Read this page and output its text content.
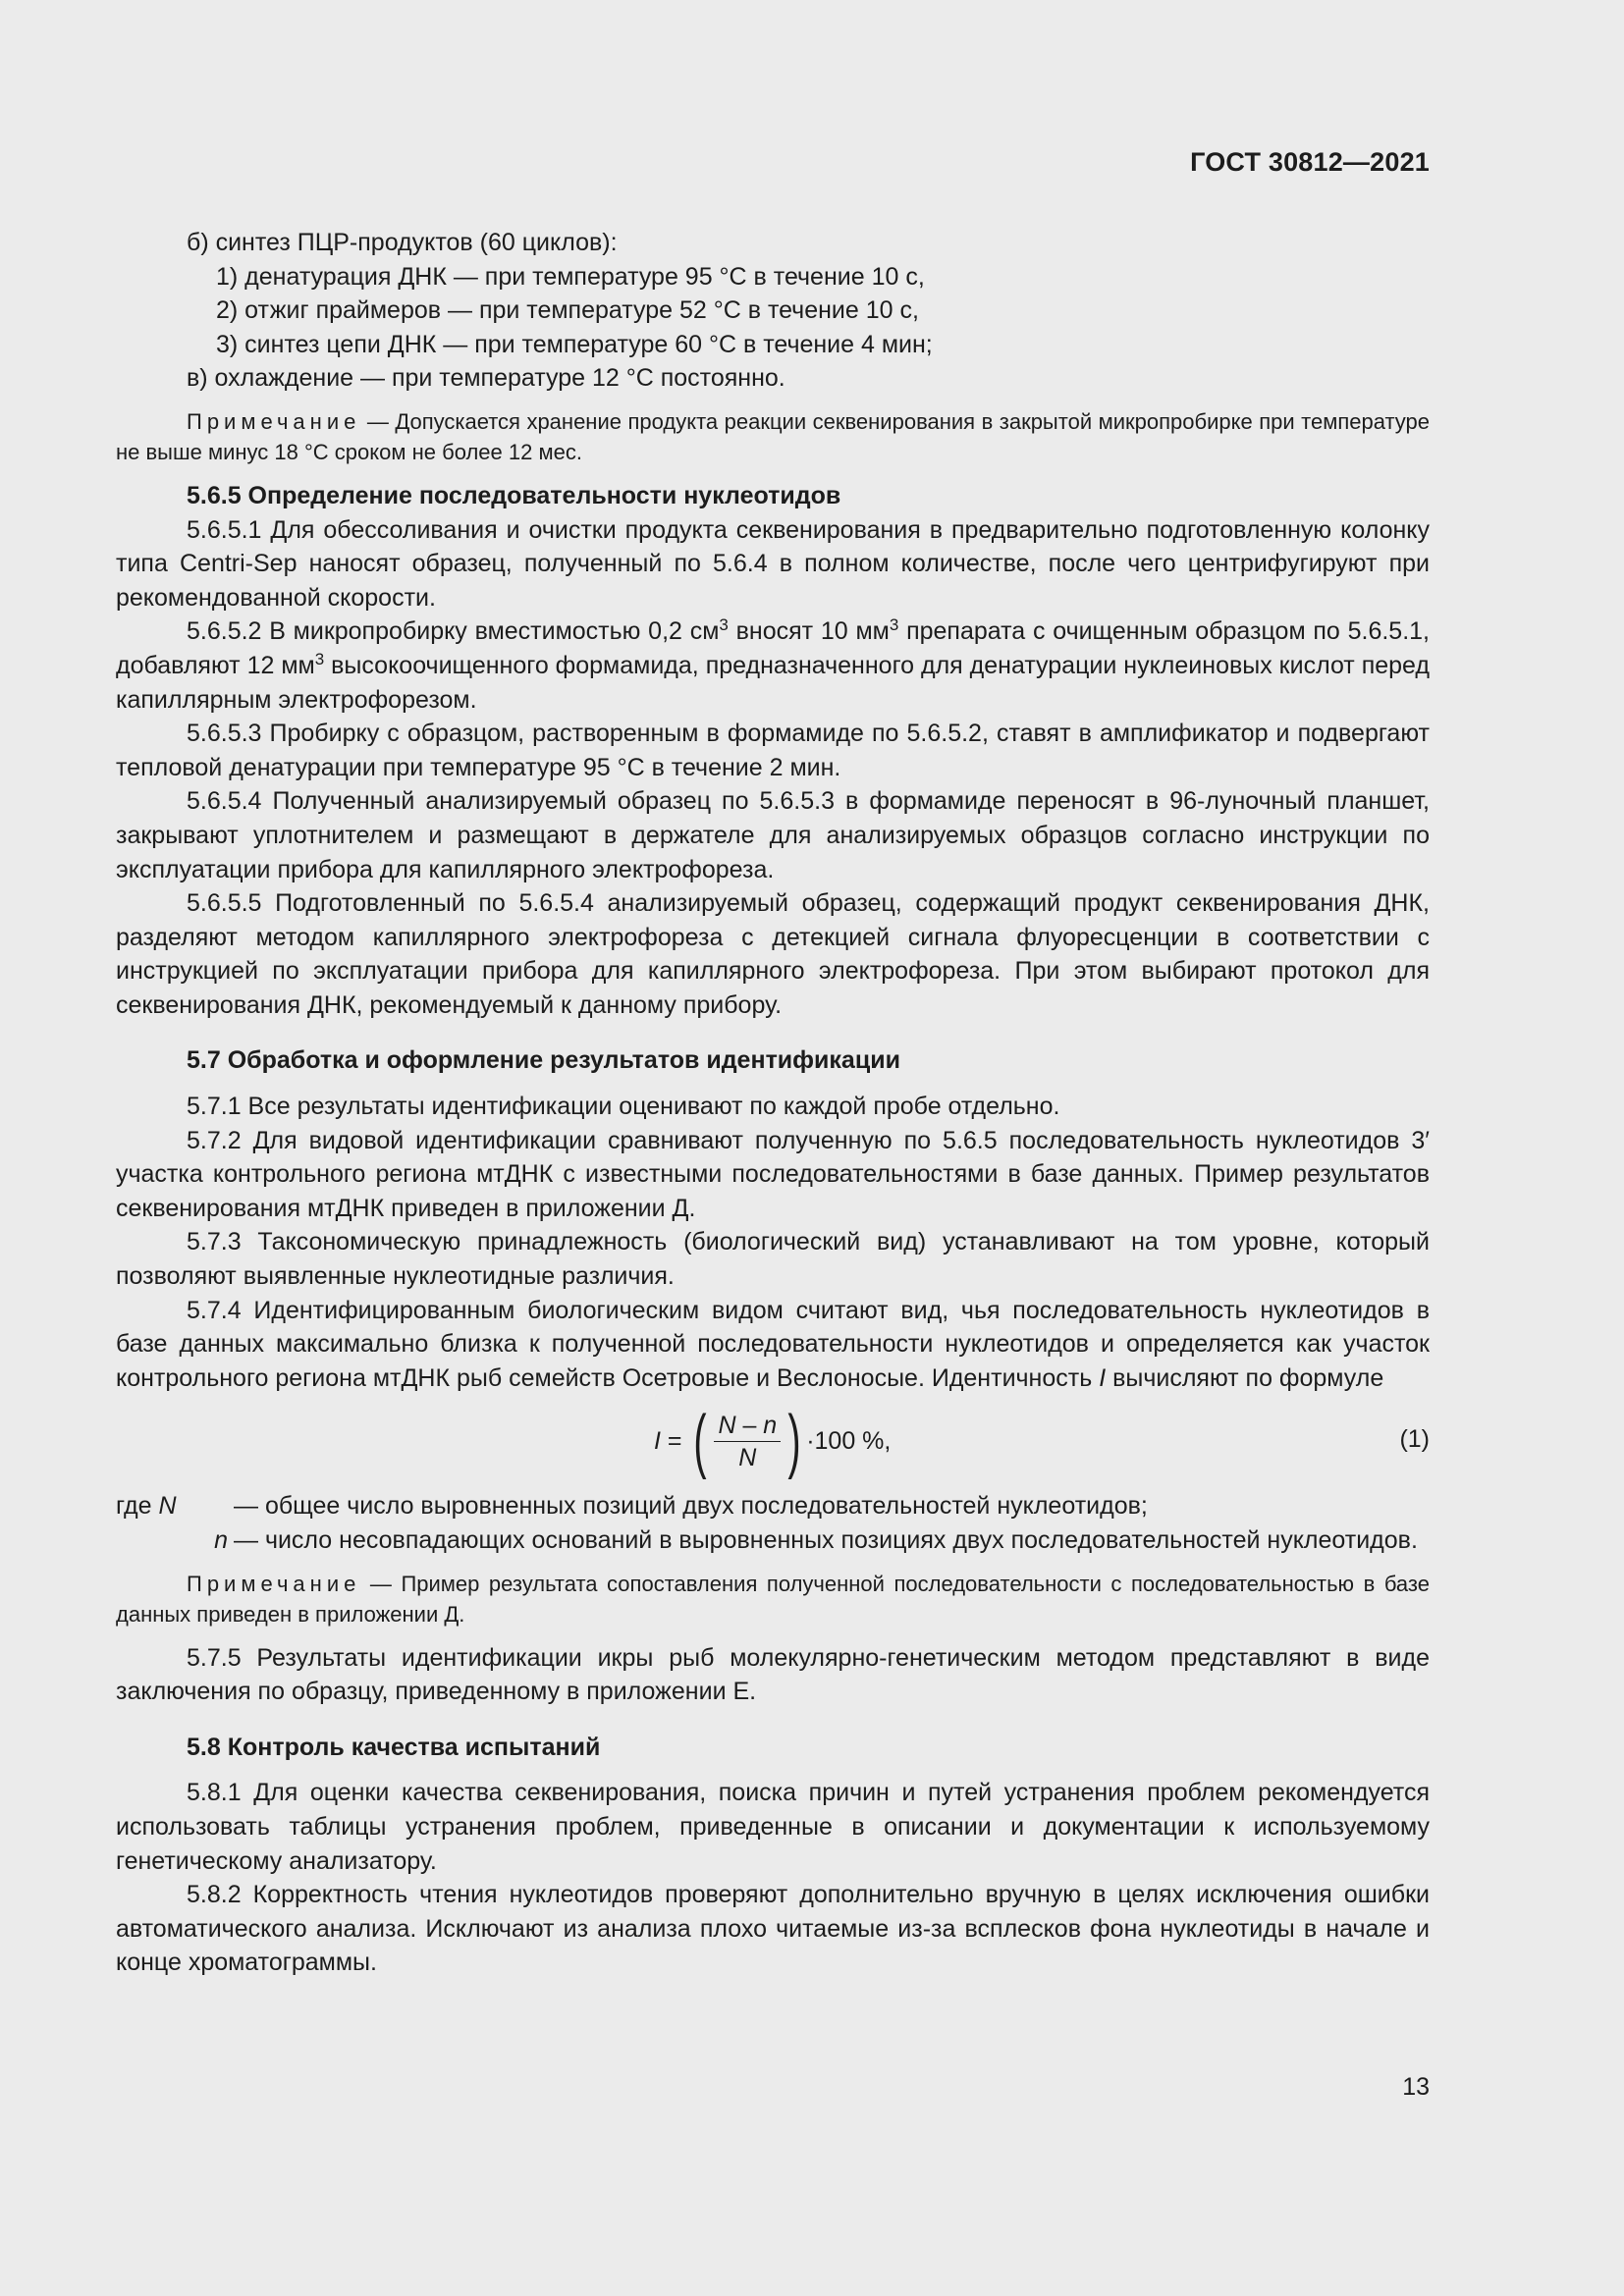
ГОСТ 30812—2021

б) синтез ПЦР-продуктов (60 циклов):

1) денатурация ДНК — при температуре 95 °С в течение 10 с,

2) отжиг праймеров — при температуре 52 °С в течение 10 с,

3) синтез цепи ДНК — при температуре 60 °С в течение 4 мин;

в) охлаждение — при температуре 12 °С постоянно.

Примечание — Допускается хранение продукта реакции секвенирования в закрытой микропробирке при температуре не выше минус 18 °С сроком не более 12 мес.

5.6.5 Определение последовательности нуклеотидов

5.6.5.1 Для обессоливания и очистки продукта секвенирования в предварительно подготовленную колонку типа Centri-Sep наносят образец, полученный по 5.6.4 в полном количестве, после чего центрифугируют при рекомендованной скорости.

5.6.5.2 В микропробирку вместимостью 0,2 $см^3$ вносят 10 $мм^3$ препарата с очищенным образцом по 5.6.5.1, добавляют 12 $мм^3$ высокоочищенного формамида, предназначенного для денатурации нуклеиновых кислот перед капиллярным электрофорезом.

5.6.5.3 Пробирку с образцом, растворенным в формамиде по 5.6.5.2, ставят в амплификатор и подвергают тепловой денатурации при температуре 95 °С в течение 2 мин.

5.6.5.4 Полученный анализируемый образец по 5.6.5.3 в формамиде переносят в 96-луночный планшет, закрывают уплотнителем и размещают в держателе для анализируемых образцов согласно инструкции по эксплуатации прибора для капиллярного электрофореза.

5.6.5.5 Подготовленный по 5.6.5.4 анализируемый образец, содержащий продукт секвенирования ДНК, разделяют методом капиллярного электрофореза с детекцией сигнала флуоресценции в соответствии с инструкцией по эксплуатации прибора для капиллярного электрофореза. При этом выбирают протокол для секвенирования ДНК, рекомендуемый к данному прибору.

5.7 Обработка и оформление результатов идентификации

5.7.1 Все результаты идентификации оценивают по каждой пробе отдельно.

5.7.2 Для видовой идентификации сравнивают полученную по 5.6.5 последовательность нуклеотидов 3′ участка контрольного региона мтДНК с известными последовательностями в базе данных. Пример результатов секвенирования мтДНК приведен в приложении Д.

5.7.3 Таксономическую принадлежность (биологический вид) устанавливают на том уровне, который позволяют выявленные нуклеотидные различия.

5.7.4 Идентифицированным биологическим видом считают вид, чья последовательность нуклеотидов в базе данных максимально близка к полученной последовательности нуклеотидов и определяется как участок контрольного региона мтДНК рыб семейств Осетровые и Веслоносые. Идентичность I вычисляют по формуле

I = ( $\frac{N - n}{N}$ ) ·100 %,	(1)
где N	— общее число выровненных позиций двух последовательностей нуклеотидов;
n — число несовпадающих оснований в выровненных позициях двух последовательностей нуклеотидов.

Примечание — Пример результата сопоставления полученной последовательности с последовательностью в базе данных приведен в приложении Д.

5.7.5 Результаты идентификации икры рыб молекулярно-генетическим методом представляют в виде заключения по образцу, приведенному в приложении Е.

5.8 Контроль качества испытаний

5.8.1 Для оценки качества секвенирования, поиска причин и путей устранения проблем рекомендуется использовать таблицы устранения проблем, приведенные в описании и документации к используемому генетическому анализатору.

5.8.2 Корректность чтения нуклеотидов проверяют дополнительно вручную в целях исключения ошибки автоматического анализа. Исключают из анализа плохо читаемые из-за всплесков фона нуклеотиды в начале и конце хроматограммы.

13
